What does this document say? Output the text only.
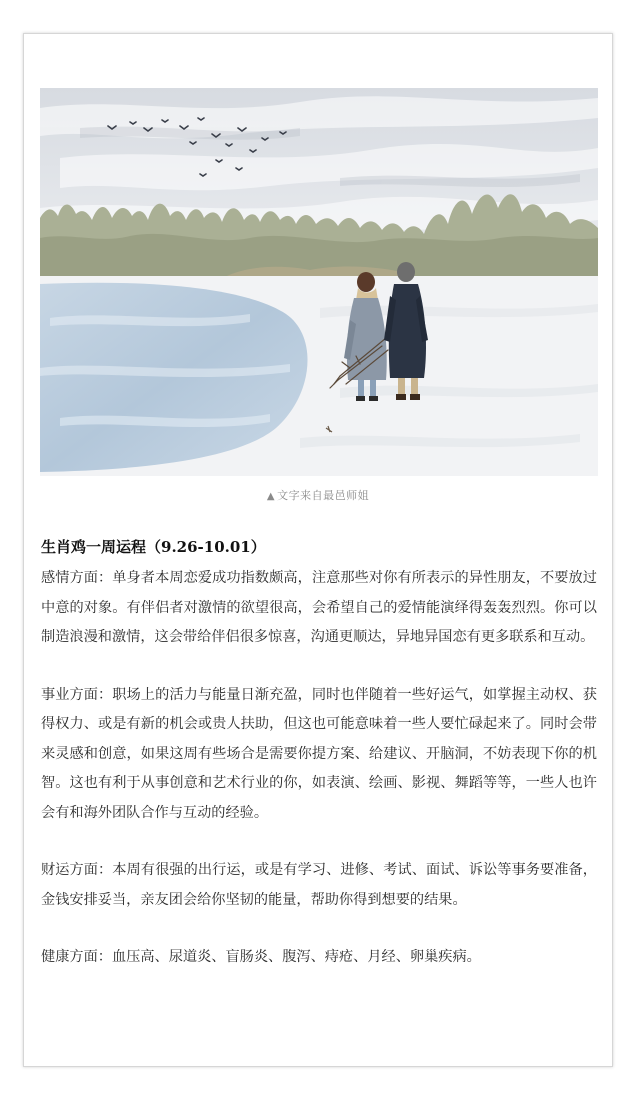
▲ 文字来自最邑师姐
生肖鸡一周运程（9.26-10.01）

感情方面：单身者本周恋爱成功指数颇高，注意那些对你有所表示的异性朋友，不要放过中意的对象。有伴侣者对激情的欲望很高，会希望自己的爱情能演绎得轰轰烈烈。你可以制造浪漫和激情，这会带给伴侣很多惊喜，沟通更顺达，异地异国恋有更多联系和互动。

事业方面：职场上的活力与能量日渐充盈，同时也伴随着一些好运气，如掌握主动权、获得权力、或是有新的机会或贵人扶助，但这也可能意味着一些人要忙碌起来了。同时会带来灵感和创意，如果这周有些场合是需要你提方案、给建议、开脑洞，不妨表现下你的机智。这也有利于从事创意和艺术行业的你，如表演、绘画、影视、舞蹈等等，一些人也许会有和海外团队合作与互动的经验。

财运方面：本周有很强的出行运，或是有学习、进修、考试、面试、诉讼等事务要准备，金钱安排妥当，亲友团会给你坚韧的能量，帮助你得到想要的结果。

健康方面：血压高、尿道炎、盲肠炎、腹泻、痔疮、月经、卵巢疾病。
